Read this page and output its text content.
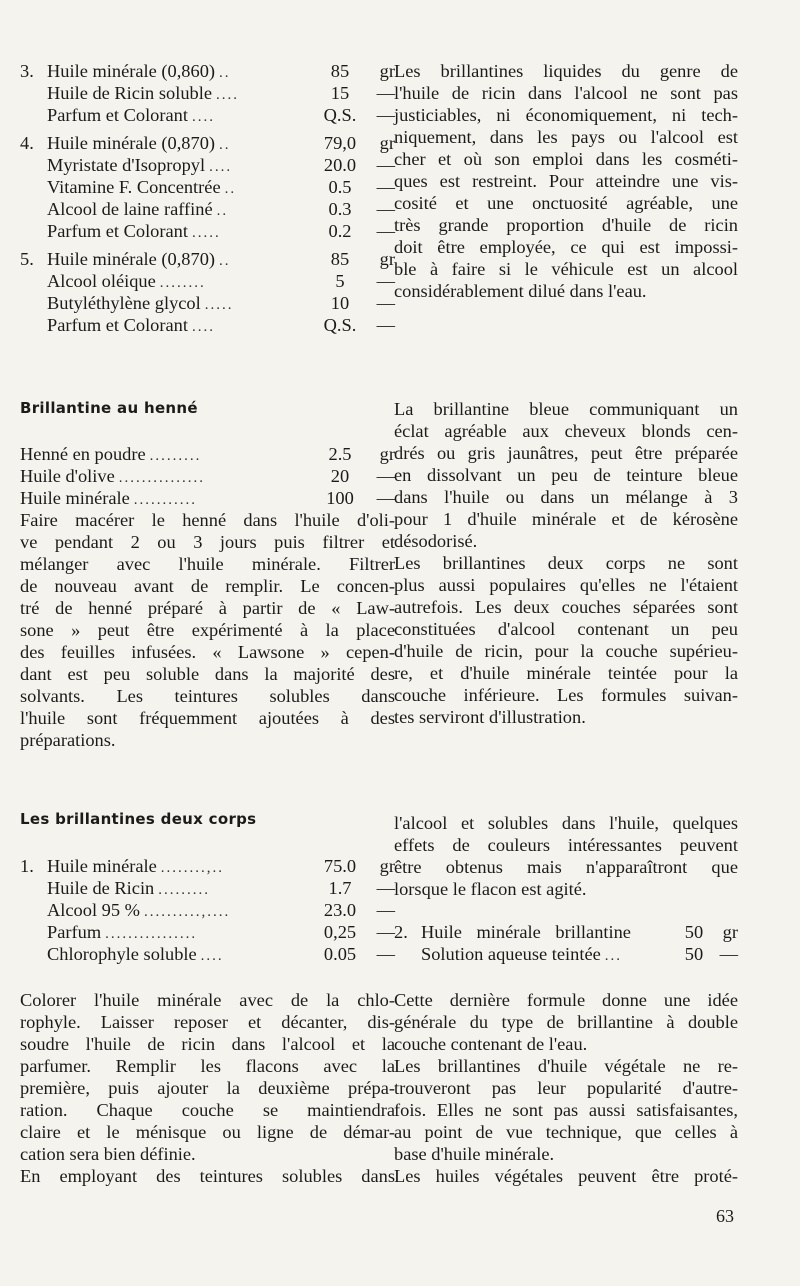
3. Huile minérale (0,860) ..	85	gr
Huile de Ricin soluble ....	15	—
Parfum et Colorant ....	Q.S.	—
4. Huile minérale (0,870) ..	79,0	gr
Myristate d'Isopropyl ....	20.0	—
Vitamine F. Concentrée ..	0.5	—
Alcool de laine raffiné ..	0.3	—
Parfum et Colorant .....	0.2	—
5. Huile minérale (0,870) ..	85	gr
Alcool oléique ........	5	—
Butyléthylène glycol .....	10	—
Parfum et Colorant ....	Q.S.	—
Brillantine au henné
Henné en poudre .........	2.5	gr
Huile d'olive ...............	20	—
Huile minérale ...........	100	—
Faire macérer le henné dans l'huile d'oli-
ve pendant 2 ou 3 jours puis filtrer et
mélanger avec l'huile minérale. Filtrer
de nouveau avant de remplir. Le concen-
tré de henné préparé à partir de « Law-
sone » peut être expérimenté à la place
des feuilles infusées. « Lawsone » cepen-
dant est peu soluble dans la majorité des
solvants. Les teintures solubles dans
l'huile sont fréquemment ajoutées à des
préparations.
Les brillantines deux corps
1. Huile minérale ........,..	75.0	gr
Huile de Ricin .........	1.7	—
Alcool 95 % ..........,....	23.0	—
Parfum ................	0,25	—
Chlorophyle soluble ....	0.05	—
Colorer l'huile minérale avec de la chlo-
rophyle. Laisser reposer et décanter, dis-
soudre l'huile de ricin dans l'alcool et la
parfumer. Remplir les flacons avec la
première, puis ajouter la deuxième prépa-
ration. Chaque couche se maintiendra
claire et le ménisque ou ligne de démar-
cation sera bien définie.
En employant des teintures solubles dans
Les brillantines liquides du genre de
l'huile de ricin dans l'alcool ne sont pas
justiciables, ni économiquement, ni tech-
niquement, dans les pays ou l'alcool est
cher et où son emploi dans les cosméti-
ques est restreint. Pour atteindre une vis-
cosité et une onctuosité agréable, une
très grande proportion d'huile de ricin
doit être employée, ce qui est impossi-
ble à faire si le véhicule est un alcool
considérablement dilué dans l'eau.
La brillantine bleue communiquant un
éclat agréable aux cheveux blonds cen-
drés ou gris jaunâtres, peut être préparée
en dissolvant un peu de teinture bleue
dans l'huile ou dans un mélange à 3
pour 1 d'huile minérale et de kérosène
désodorisé.
Les brillantines deux corps ne sont
plus aussi populaires qu'elles ne l'étaient
autrefois. Les deux couches séparées sont
constituées d'alcool contenant un peu
d'huile de ricin, pour la couche supérieu-
re, et d'huile minérale teintée pour la
couche inférieure. Les formules suivan-
tes serviront d'illustration.
l'alcool et solubles dans l'huile, quelques
effets de couleurs intéressantes peuvent
être obtenus mais n'apparaîtront que
lorsque le flacon est agité.
2. Huile minérale brillantine	50	gr
Solution aqueuse teintée ...	50 —
Cette dernière formule donne une idée
générale du type de brillantine à double
couche contenant de l'eau.
Les brillantines d'huile végétale ne re-
trouveront pas leur popularité d'autre-
fois. Elles ne sont pas aussi satisfaisantes,
au point de vue technique, que celles à
base d'huile minérale.
Les huiles végétales peuvent être proté-
63
